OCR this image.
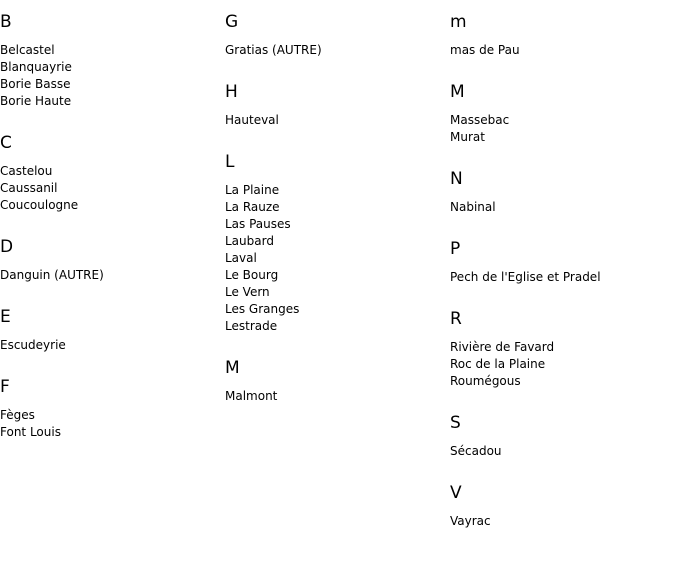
B
Belcastel
Blanquayrie
Borie Basse
Borie Haute
C
Castelou
Caussanil
Coucoulogne
D
Danguin (AUTRE)
E
Escudeyrie
F
Fèges
Font Louis
G
Gratias (AUTRE)
H
Hauteval
L
La Plaine
La Rauze
Las Pauses
Laubard
Laval
Le Bourg
Le Vern
Les Granges
Lestrade
M
Malmont
m
mas de Pau
M
Massebac
Murat
N
Nabinal
P
Pech de l'Eglise et Pradel
R
Rivière de Favard
Roc de la Plaine
Roumégous
S
Sécadou
V
Vayrac
